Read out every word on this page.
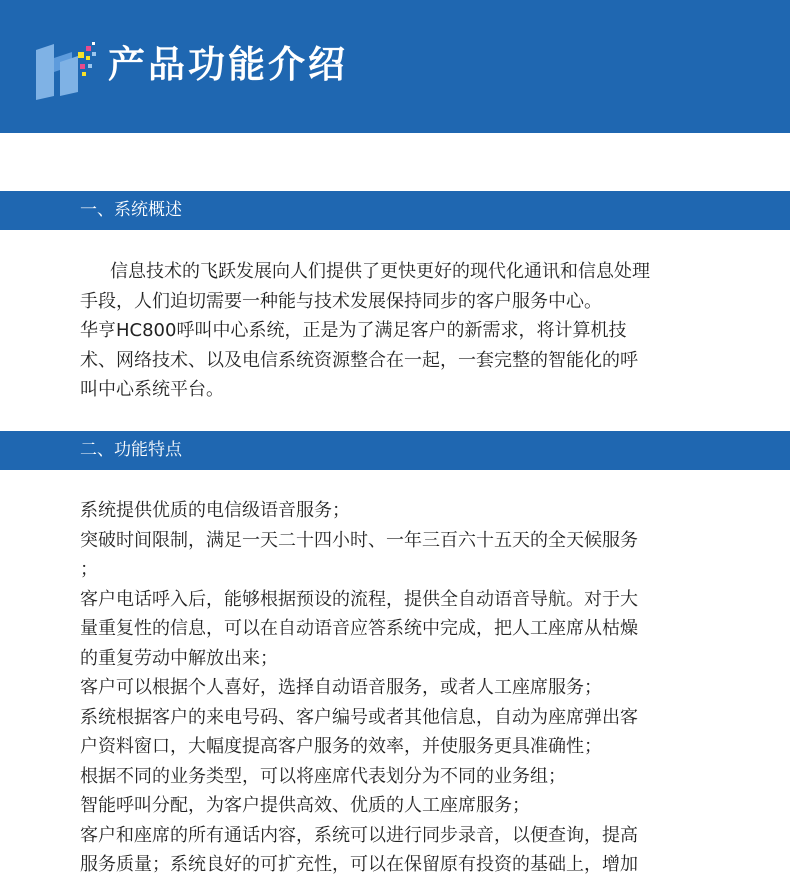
产品功能介绍
一、系统概述
信息技术的飞跃发展向人们提供了更快更好的现代化通讯和信息处理
手段，人们迫切需要一种能与技术发展保持同步的客户服务中心。
华亨HC800呼叫中心系统，正是为了满足客户的新需求，将计算机技
术、网络技术、以及电信系统资源整合在一起，一套完整的智能化的呼
叫中心系统平台。
二、功能特点
系统提供优质的电信级语音服务；
突破时间限制，满足一天二十四小时、一年三百六十五天的全天候服务
；
客户电话呼入后，能够根据预设的流程，提供全自动语音导航。对于大
量重复性的信息，可以在自动语音应答系统中完成，把人工座席从枯燥
的重复劳动中解放出来；
客户可以根据个人喜好，选择自动语音服务，或者人工座席服务；
系统根据客户的来电号码、客户编号或者其他信息，自动为座席弹出客
户资料窗口，大幅度提高客户服务的效率，并使服务更具准确性；
根据不同的业务类型，可以将座席代表划分为不同的业务组；
智能呼叫分配，为客户提供高效、优质的人工座席服务；
客户和座席的所有通话内容，系统可以进行同步录音，以便查询，提高
服务质量；系统良好的可扩充性，可以在保留原有投资的基础上，增加
